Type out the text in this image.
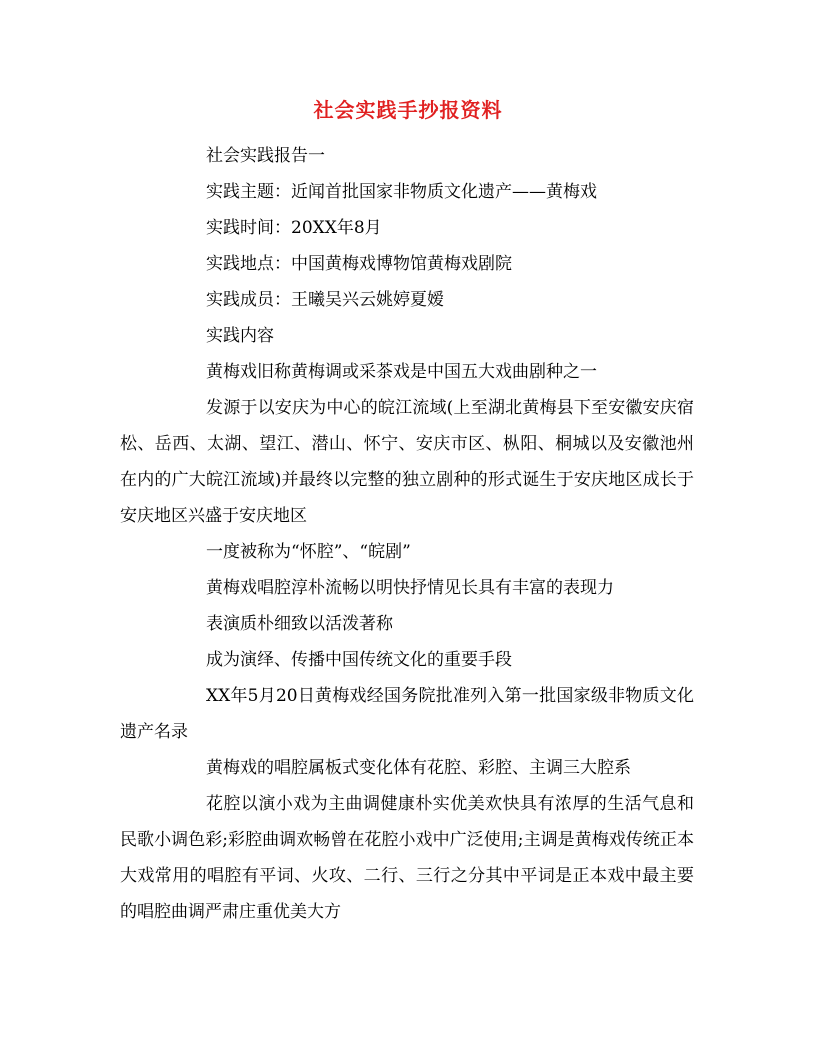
社会实践手抄报资料

社会实践报告一

实践主题：近闻首批国家非物质文化遗产——黄梅戏

实践时间：20XX年8月

实践地点：中国黄梅戏博物馆黄梅戏剧院

实践成员：王曦吴兴云姚婷夏嫒

实践内容

黄梅戏旧称黄梅调或采茶戏是中国五大戏曲剧种之一

发源于以安庆为中心的皖江流域(上至湖北黄梅县下至安徽安庆宿松、岳西、太湖、望江、潜山、怀宁、安庆市区、枞阳、桐城以及安徽池州在内的广大皖江流域)并最终以完整的独立剧种的形式诞生于安庆地区成长于安庆地区兴盛于安庆地区

一度被称为“怀腔”、“皖剧”

黄梅戏唱腔淳朴流畅以明快抒情见长具有丰富的表现力

表演质朴细致以活泼著称

成为演绎、传播中国传统文化的重要手段

XX年5月20日黄梅戏经国务院批准列入第一批国家级非物质文化遗产名录

黄梅戏的唱腔属板式变化体有花腔、彩腔、主调三大腔系

花腔以演小戏为主曲调健康朴实优美欢快具有浓厚的生活气息和民歌小调色彩;彩腔曲调欢畅曾在花腔小戏中广泛使用;主调是黄梅戏传统正本大戏常用的唱腔有平词、火攻、二行、三行之分其中平词是正本戏中最主要的唱腔曲调严肃庄重优美大方
